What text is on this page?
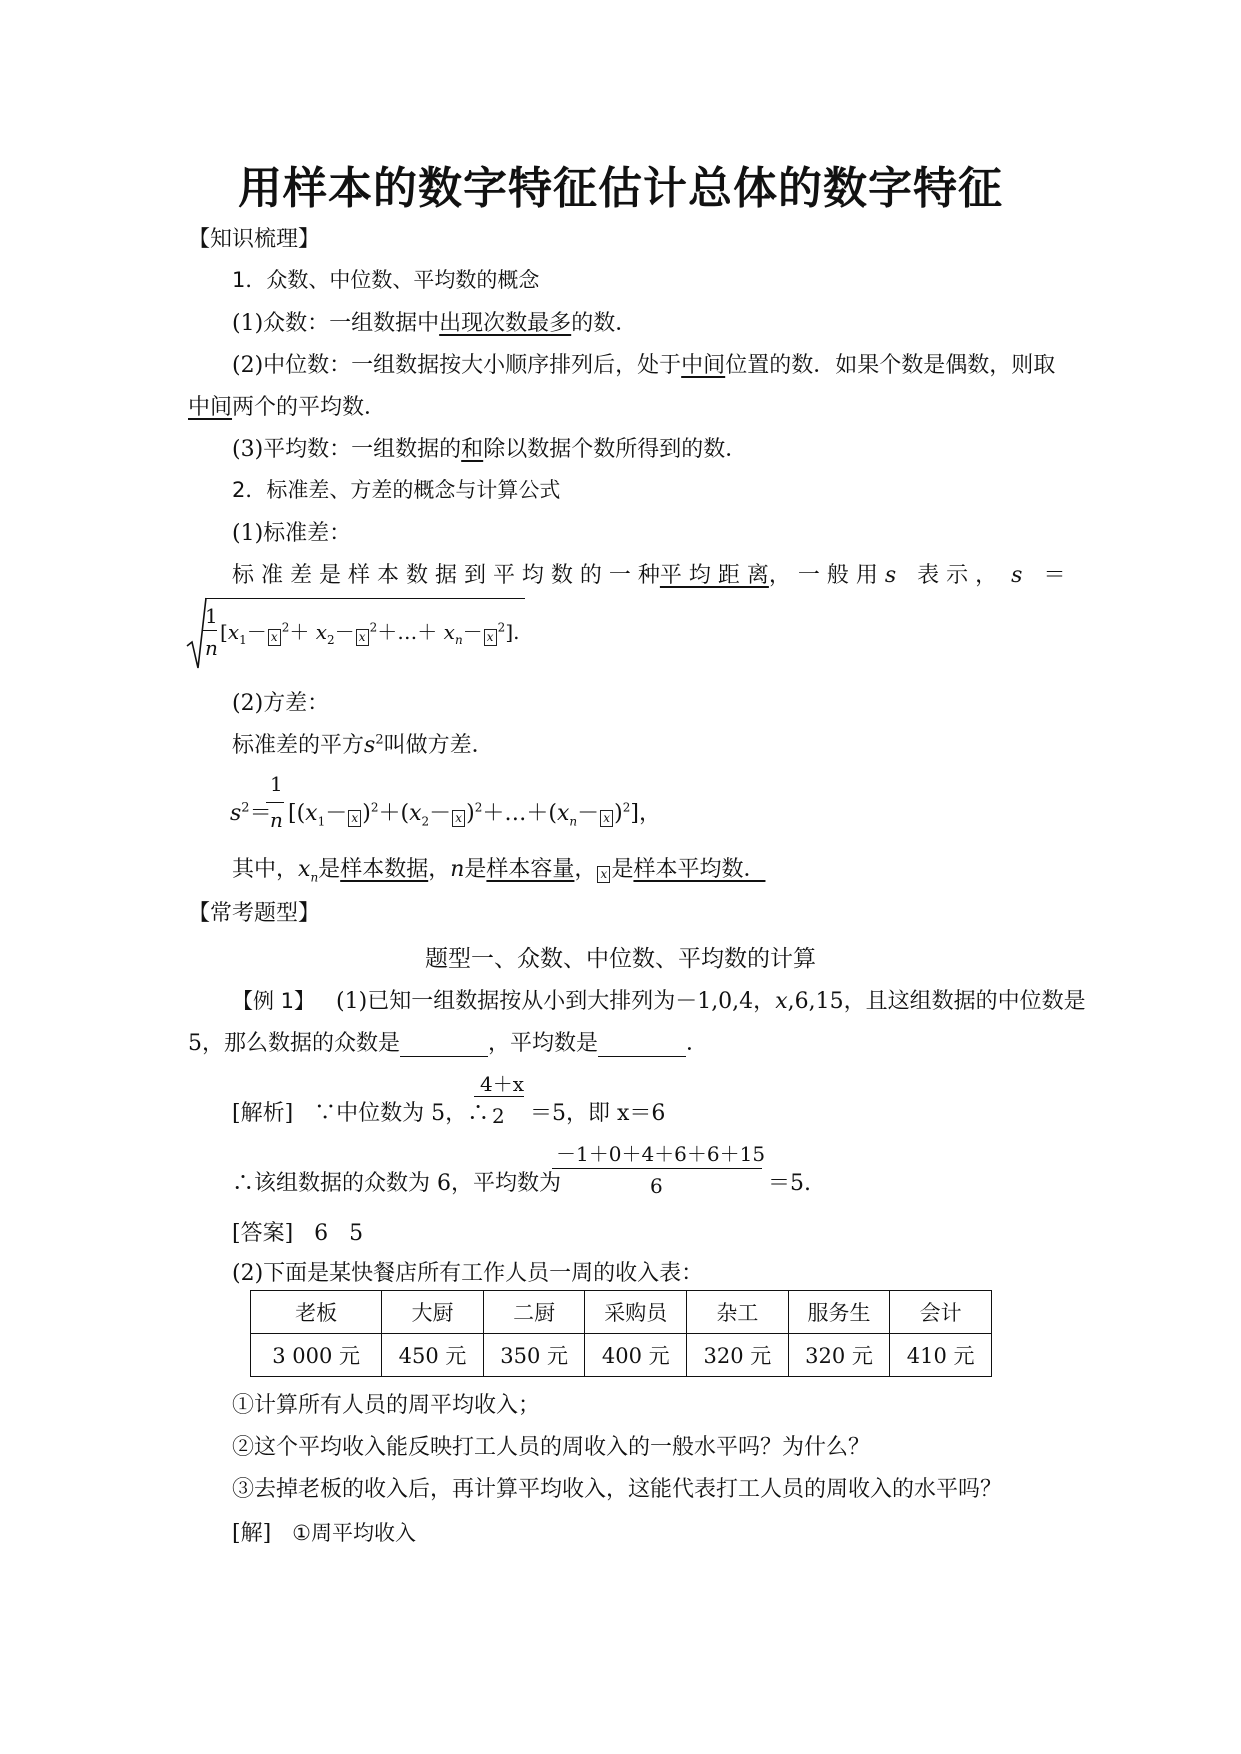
用样本的数字特征估计总体的数字特征
【知识梳理】
1．众数、中位数、平均数的概念
(1)众数：一组数据中出现次数最多的数．
(2)中位数：一组数据按大小顺序排列后，处于中间位置的数．如果个数是偶数，则取
中间两个的平均数．
(3)平均数：一组数据的和除以数据个数所得到的数．
2．标准差、方差的概念与计算公式
(1)标准差：
标 准 差 是 样 本 数 据 到 平 均 数 的 一 种平 均 距 离， 一 般 用 s 表 示 ， s ＝
1
n
[$x_1- x^2+ x_2-$ $x^2+\dots+ x_n- x^2$].
(2)方差：
标准差的平方$s^2$叫做方差．
$s^2=$
1
n [($x_1- x$ )$^2+(x_2- x$ )$^2+\dots+(x_n- x$ )$^2$]，
其中，$x_n$是样本数据，n是样本容量， x 是样本平均数．
【常考题型】
题型一、众数、中位数、平均数的计算
【例 1】 (1)已知一组数据按从小到大排列为－1,0,4，x,6,15，且这组数据的中位数是
5，那么数据的众数是	，平均数是	．
[解析] ∵中位数为 5，∴
4＋x
2 ＝5，即 x＝6
∴该组数据的众数为 6，平均数为
－1＋0＋4＋6＋6＋15
6	＝5.
[答案] 6 5
(2)下面是某快餐店所有工作人员一周的收入表：
老板	大厨	二厨	采购员	杂工	服务生	会计
3 000 元	450 元	350 元	400 元	320 元	320 元	410 元
①计算所有人员的周平均收入；
②这个平均收入能反映打工人员的周收入的一般水平吗？为什么？
③去掉老板的收入后，再计算平均收入，这能代表打工人员的周收入的水平吗？
[解] ①周平均收入
